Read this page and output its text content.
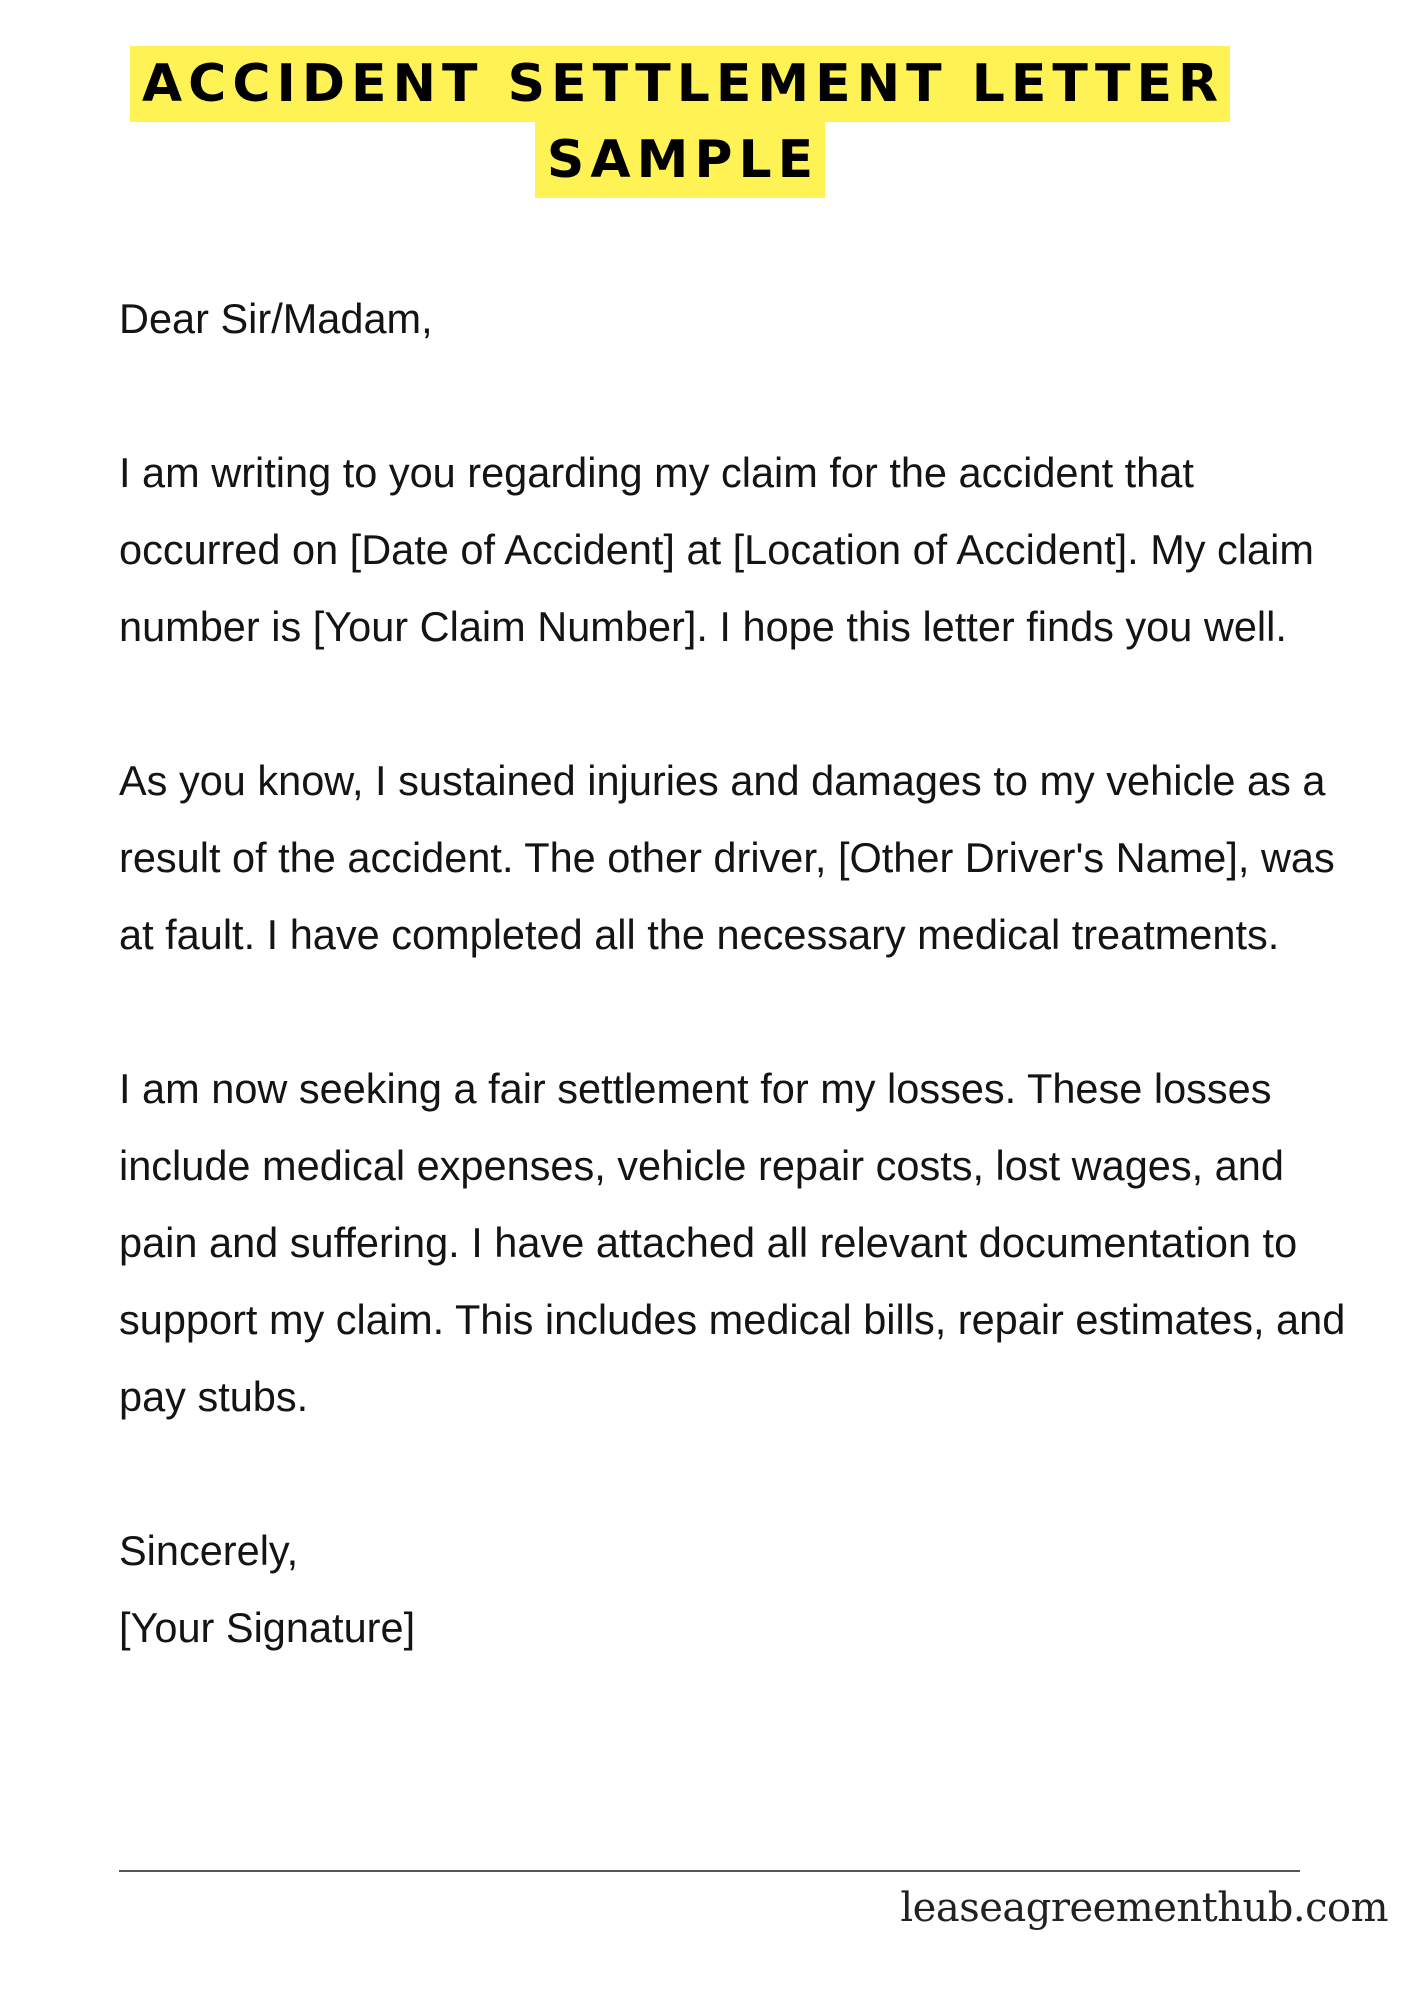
ACCIDENT SETTLEMENT LETTER
SAMPLE

Dear Sir/Madam,

I am writing to you regarding my claim for the accident that occurred on [Date of Accident] at [Location of Accident]. My claim number is [Your Claim Number]. I hope this letter finds you well.

As you know, I sustained injuries and damages to my vehicle as a result of the accident. The other driver, [Other Driver's Name], was at fault. I have completed all the necessary medical treatments.

I am now seeking a fair settlement for my losses. These losses include medical expenses, vehicle repair costs, lost wages, and pain and suffering. I have attached all relevant documentation to support my claim. This includes medical bills, repair estimates, and pay stubs.

Sincerely,

[Your Signature]

leaseagreementhub.com
